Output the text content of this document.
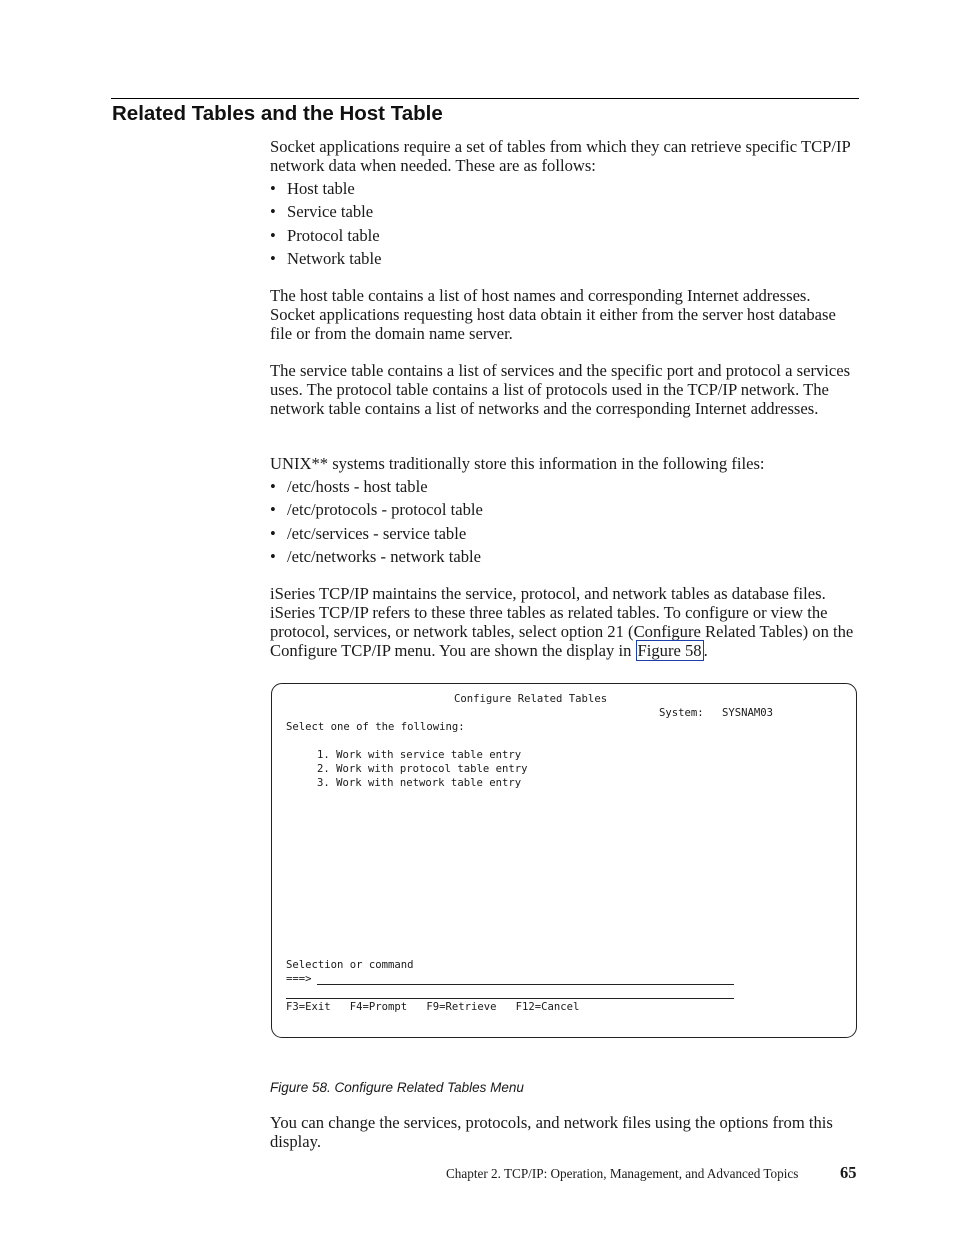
Related Tables and the Host Table

Socket applications require a set of tables from which they can retrieve specific TCP/IP network data when needed. These are as follows:

• Host table
• Service table
• Protocol table
• Network table

The host table contains a list of host names and corresponding Internet addresses. Socket applications requesting host data obtain it either from the server host database file or from the domain name server.

The service table contains a list of services and the specific port and protocol a services uses. The protocol table contains a list of protocols used in the TCP/IP network. The network table contains a list of networks and the corresponding Internet addresses.

UNIX** systems traditionally store this information in the following files:

• /etc/hosts - host table
• /etc/protocols - protocol table
• /etc/services - service table
• /etc/networks - network table

iSeries TCP/IP maintains the service, protocol, and network tables as database files. iSeries TCP/IP refers to these three tables as related tables. To configure or view the protocol, services, or network tables, select option 21 (Configure Related Tables) on the Configure TCP/IP menu. You are shown the display in Figure 58 .

Configure Related Tables
System: SYSNAM03
Select one of the following:
1. Work with service table entry
2. Work with protocol table entry
3. Work with network table entry
Selection or command
===>
F3=Exit   F4=Prompt   F9=Retrieve   F12=Cancel
Figure 58. Configure Related Tables Menu

You can change the services, protocols, and network files using the options from this display.

Chapter 2. TCP/IP: Operation, Management, and Advanced Topics	65
